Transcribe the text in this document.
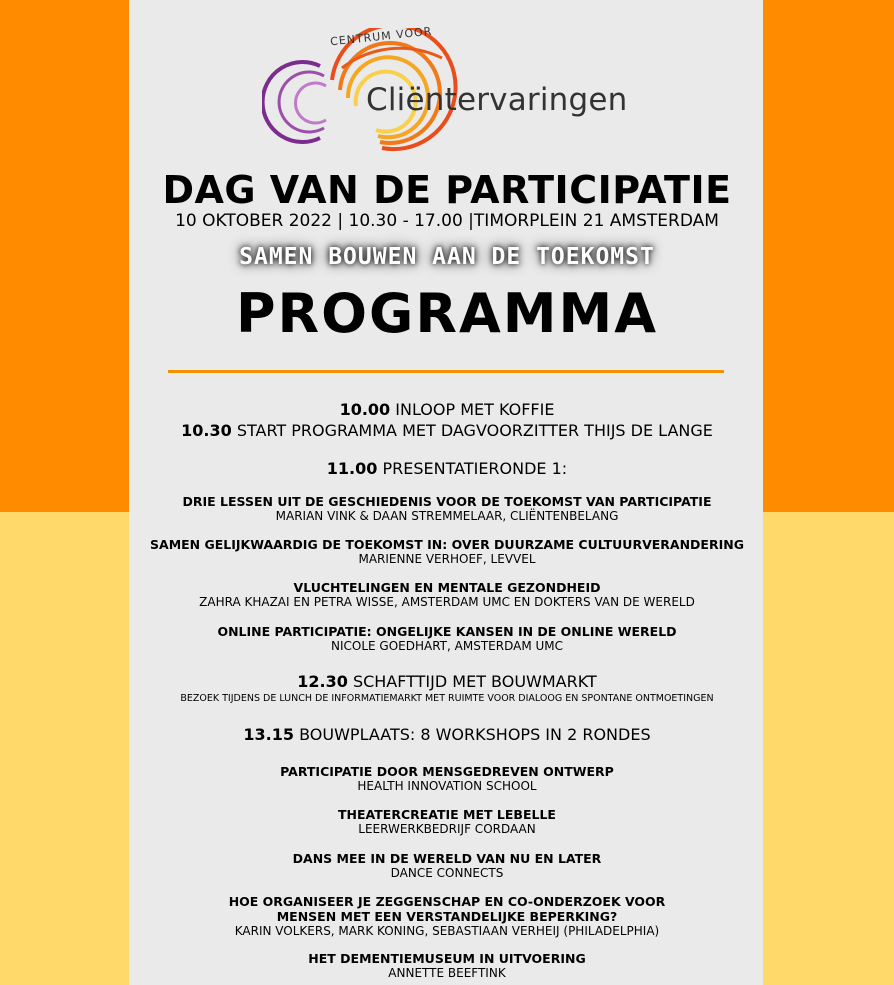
CENTRUM VOOR
Cliëntervaringen
DAG VAN DE PARTICIPATIE
10 OKTOBER 2022 | 10.30 - 17.00 |TIMORPLEIN 21 AMSTERDAM
SAMEN BOUWEN AAN DE TOEKOMST
PROGRAMMA
10.00 INLOOP MET KOFFIE
10.30 START PROGRAMMA MET DAGVOORZITTER THIJS DE LANGE
11.00 PRESENTATIERONDE 1:
DRIE LESSEN UIT DE GESCHIEDENIS VOOR DE TOEKOMST VAN PARTICIPATIE
MARIAN VINK & DAAN STREMMELAAR, CLIËNTENBELANG
SAMEN GELIJKWAARDIG DE TOEKOMST IN: OVER DUURZAME CULTUURVERANDERING
MARIENNE VERHOEF, LEVVEL
VLUCHTELINGEN EN MENTALE GEZONDHEID
ZAHRA KHAZAI EN PETRA WISSE, AMSTERDAM UMC EN DOKTERS VAN DE WERELD
ONLINE PARTICIPATIE: ONGELIJKE KANSEN IN DE ONLINE WERELD
NICOLE GOEDHART, AMSTERDAM UMC
12.30 SCHAFTTIJD MET BOUWMARKT
BEZOEK TIJDENS DE LUNCH DE INFORMATIEMARKT MET RUIMTE VOOR DIALOOG EN SPONTANE ONTMOETINGEN
13.15 BOUWPLAATS: 8 WORKSHOPS IN 2 RONDES
PARTICIPATIE DOOR MENSGEDREVEN ONTWERP
HEALTH INNOVATION SCHOOL
THEATERCREATIE MET LEBELLE
LEERWERKBEDRIJF CORDAAN
DANS MEE IN DE WERELD VAN NU EN LATER
DANCE CONNECTS
HOE ORGANISEER JE ZEGGENSCHAP EN CO-ONDERZOEK VOOR
MENSEN MET EEN VERSTANDELIJKE BEPERKING?
KARIN VOLKERS, MARK KONING, SEBASTIAAN VERHEIJ (PHILADELPHIA)
HET DEMENTIEMUSEUM IN UITVOERING
ANNETTE BEEFTINK
